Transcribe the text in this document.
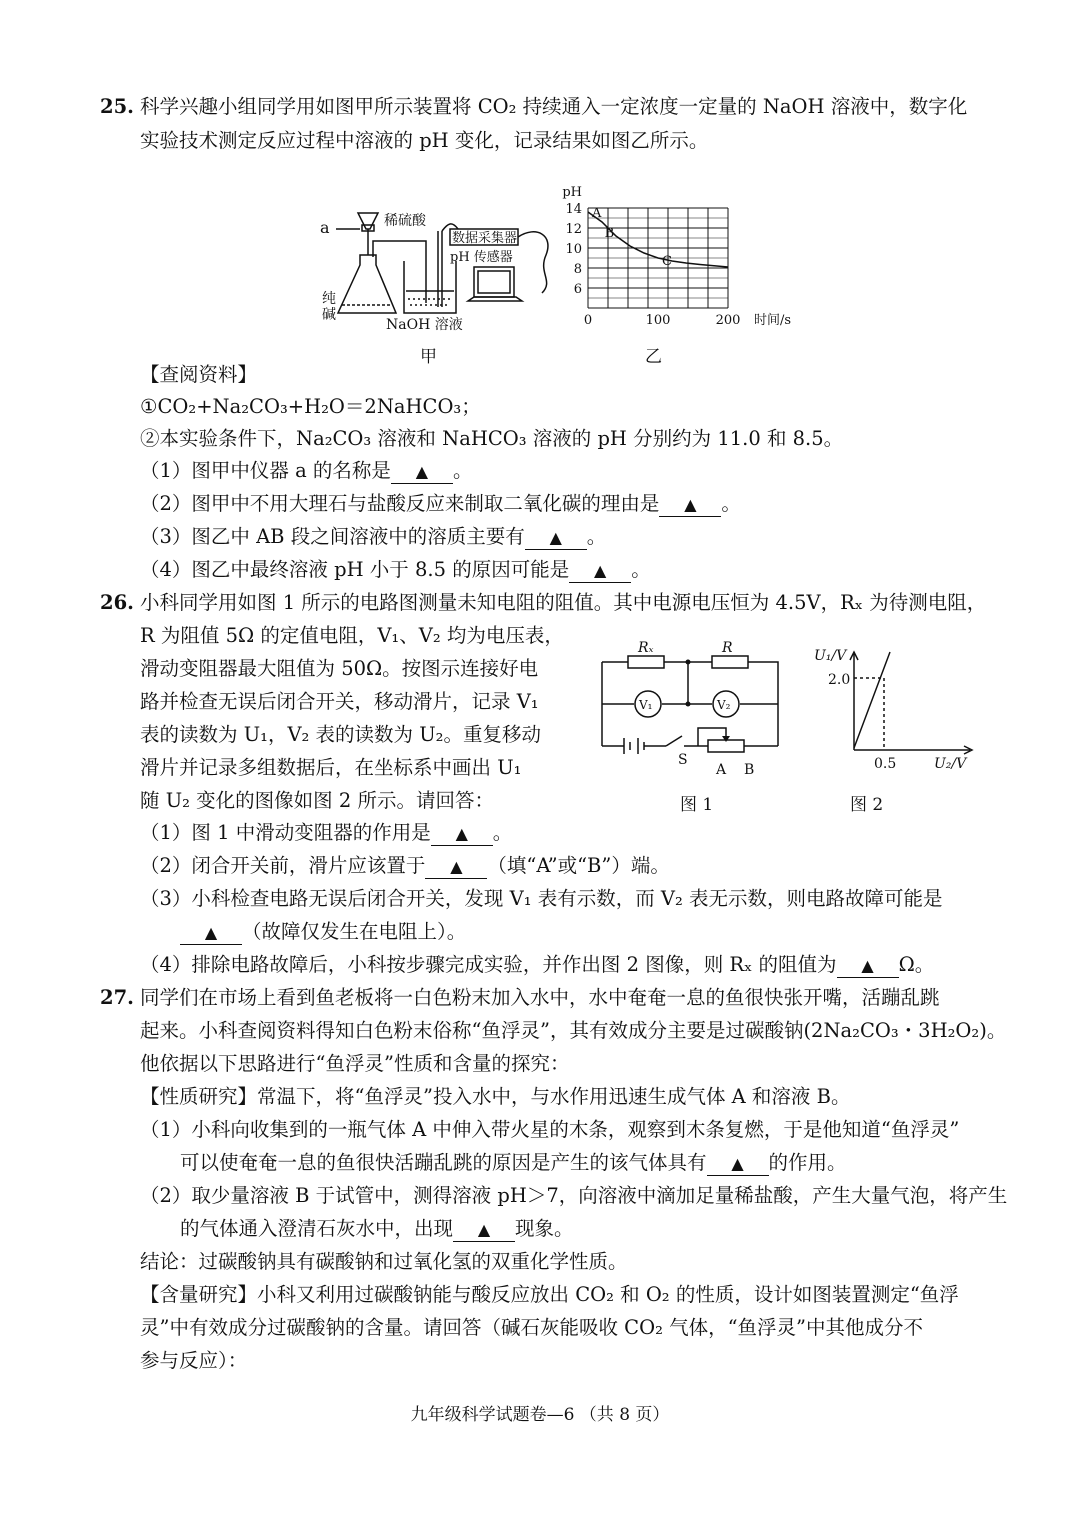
25. 科学兴趣小组同学用如图甲所示装置将 CO₂ 持续通入一定浓度一定量的 NaOH 溶液中，数字化
实验技术测定反应过程中溶液的 pH 变化，记录结果如图乙所示。
a	稀硫酸
数据采集器
pH 传感器
纯
碱
NaOH 溶液
甲
14
12
10
8
6
0	100	200
pH
时间/s
A
B
C
乙
【查阅资料】
①CO₂+Na₂CO₃+H₂O＝2NaHCO₃；
②本实验条件下，Na₂CO₃ 溶液和 NaHCO₃ 溶液的 pH 分别约为 11.0 和 8.5。
（1）图甲中仪器 a 的名称是 ▲ 。
（2）图甲中不用大理石与盐酸反应来制取二氧化碳的理由是 ▲ 。
（3）图乙中 AB 段之间溶液中的溶质主要有 ▲ 。
（4）图乙中最终溶液 pH 小于 8.5 的原因可能是 ▲ 。
26. 小科同学用如图 1 所示的电路图测量未知电阻的阻值。其中电源电压恒为 4.5V，Rₓ 为待测电阻，
R 为阻值 5Ω 的定值电阻，V₁、V₂ 均为电压表，
滑动变阻器最大阻值为 50Ω。按图示连接好电
路并检查无误后闭合开关，移动滑片，记录 V₁
表的读数为 U₁，V₂ 表的读数为 U₂。重复移动
滑片并记录多组数据后，在坐标系中画出 U₁
随 U₂ 变化的图像如图 2 所示。请回答：
Rₓ	R
V₁	V₂
S
A B
图 1
U₁/V
2.0
0.5	U₂/V
图 2
（1）图 1 中滑动变阻器的作用是 ▲ 。
（2）闭合开关前，滑片应该置于 ▲ （填“A”或“B”）端。
（3）小科检查电路无误后闭合开关，发现 V₁ 表有示数，而 V₂ 表无示数，则电路故障可能是
▲ （故障仅发生在电阻上）。
（4）排除电路故障后，小科按步骤完成实验，并作出图 2 图像，则 Rₓ 的阻值为 ▲ Ω。
27. 同学们在市场上看到鱼老板将一白色粉末加入水中，水中奄奄一息的鱼很快张开嘴，活蹦乱跳
起来。小科查阅资料得知白色粉末俗称“鱼浮灵”，其有效成分主要是过碳酸钠(2Na₂CO₃・3H₂O₂)。
他依据以下思路进行“鱼浮灵”性质和含量的探究：
【性质研究】常温下，将“鱼浮灵”投入水中，与水作用迅速生成气体 A 和溶液 B。
（1）小科向收集到的一瓶气体 A 中伸入带火星的木条，观察到木条复燃，于是他知道“鱼浮灵”
可以使奄奄一息的鱼很快活蹦乱跳的原因是产生的该气体具有 ▲ 的作用。
（2）取少量溶液 B 于试管中，测得溶液 pH＞7，向溶液中滴加足量稀盐酸，产生大量气泡，将产生
的气体通入澄清石灰水中，出现 ▲ 现象。
结论：过碳酸钠具有碳酸钠和过氧化氢的双重化学性质。
【含量研究】小科又利用过碳酸钠能与酸反应放出 CO₂ 和 O₂ 的性质，设计如图装置测定“鱼浮
灵”中有效成分过碳酸钠的含量。请回答（碱石灰能吸收 CO₂ 气体，“鱼浮灵”中其他成分不
参与反应）：
九年级科学试题卷—6 （共 8 页）
